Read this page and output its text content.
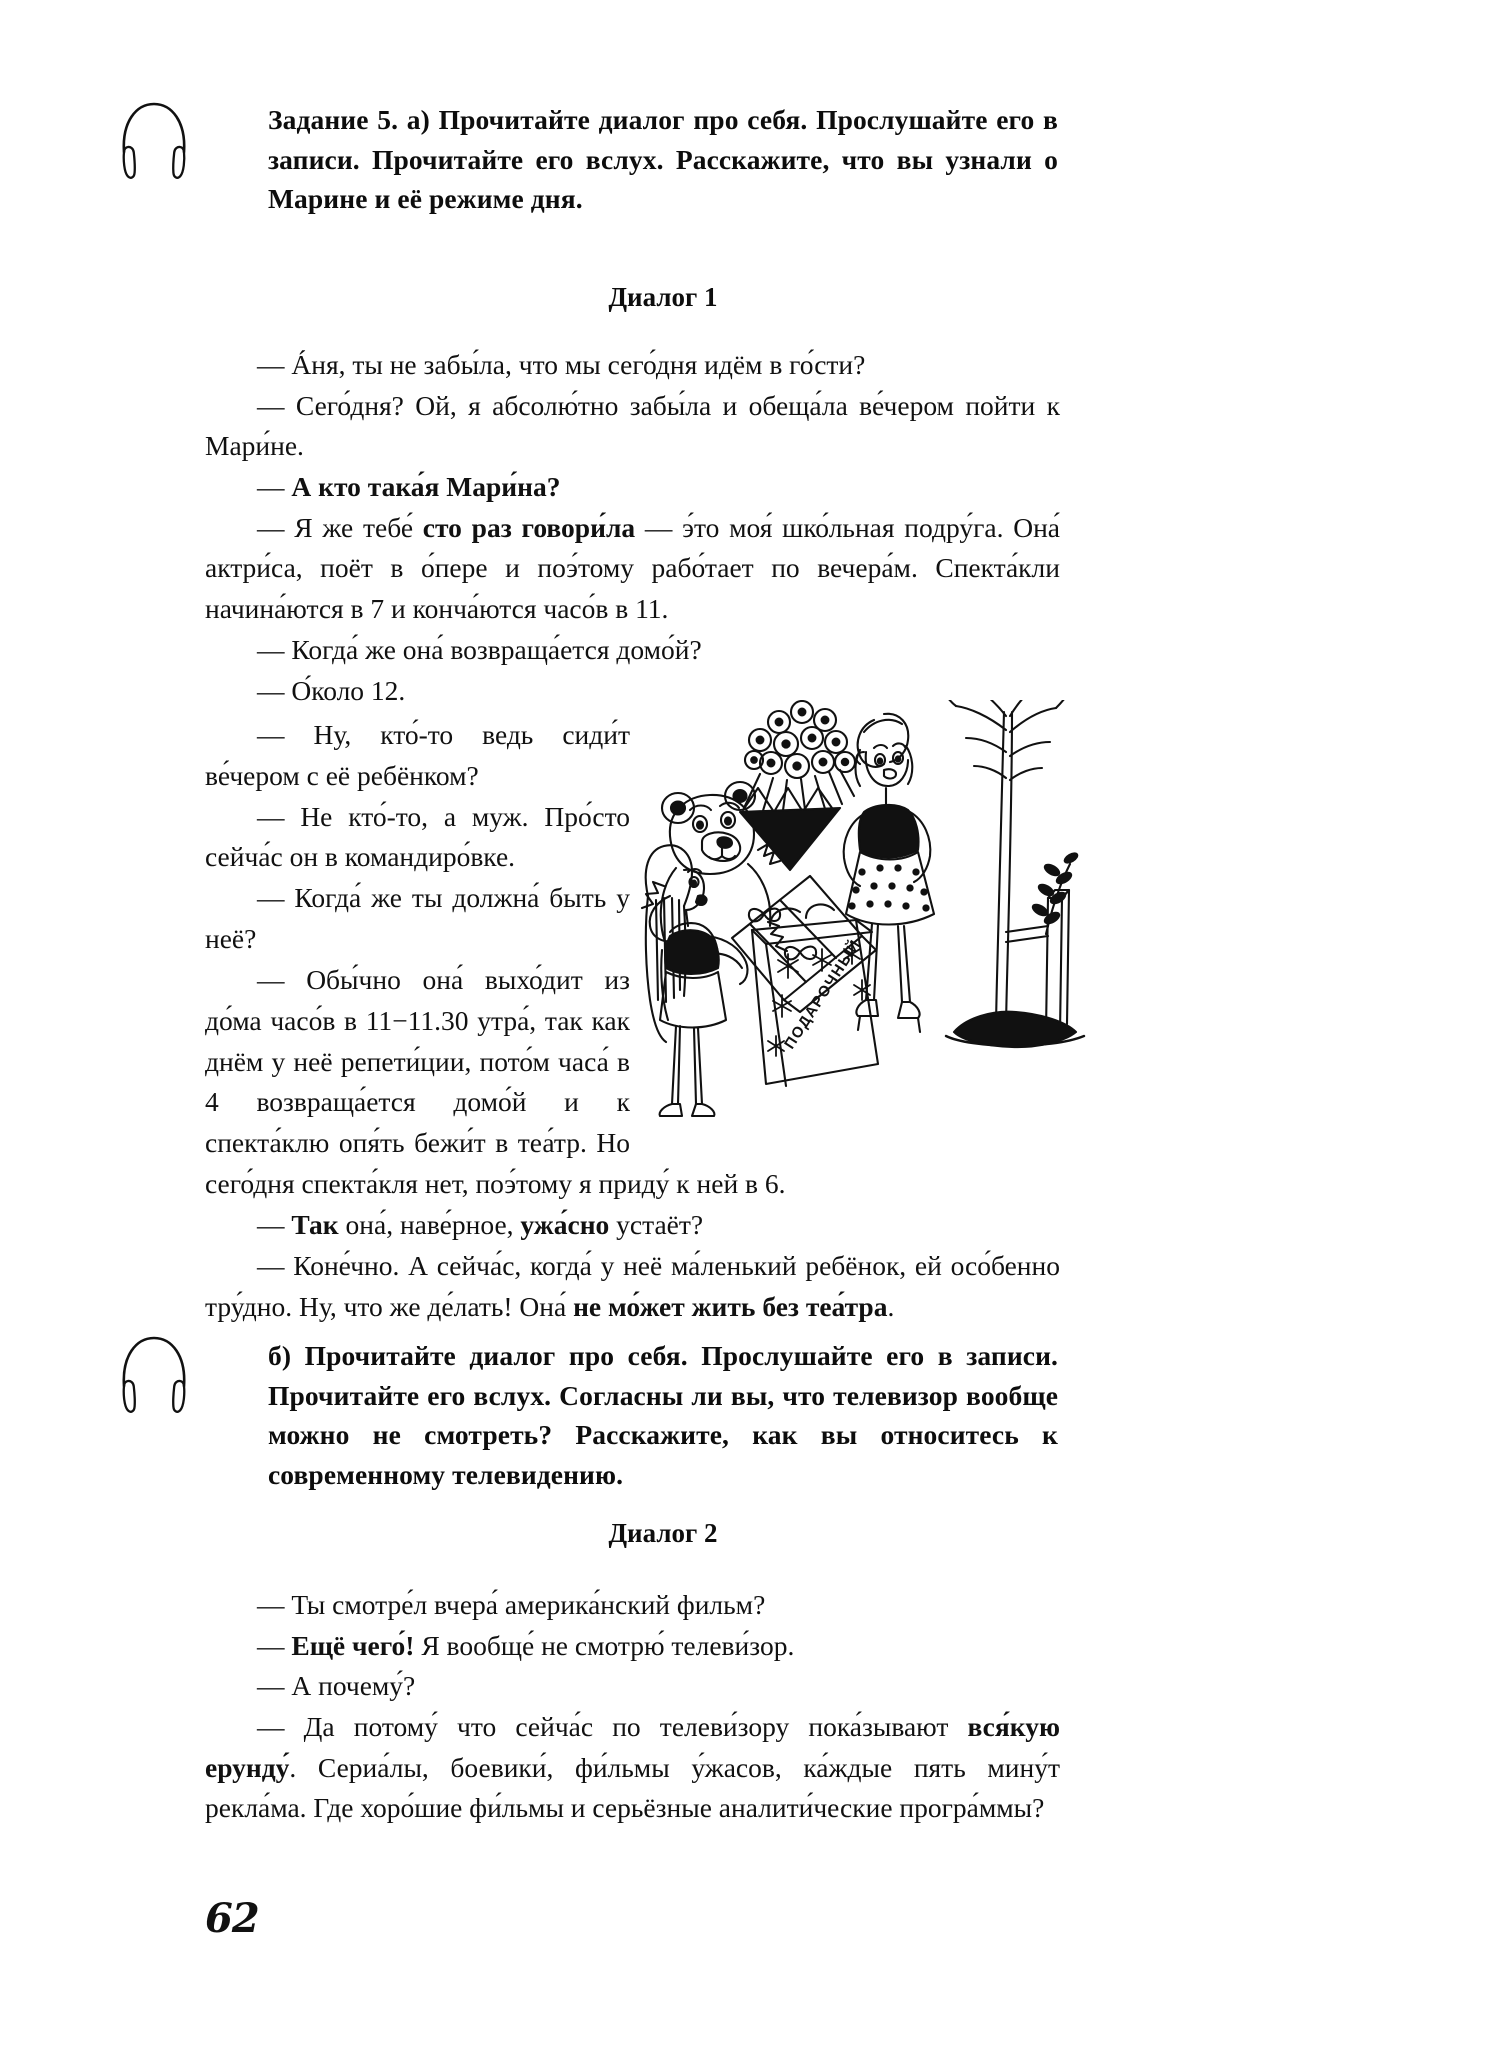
Задание 5. а) Прочитайте диалог про себя. Прослушайте его в записи. Прочитайте его вслух. Расскажите, что вы узнали о Марине и её режиме дня.
Диалог 1

— Áня, ты не забы́ла, что мы сего́дня идём в го́сти?

— Сего́дня? Ой, я абсолю́тно забы́ла и обеща́ла ве́чером пойти к Мари́не.

— А кто така́я Мари́на?

— Я же тебе́ сто раз говори́ла — э́то моя́ шко́льная подру́га. Она́ актри́са, поёт в о́пере и поэ́тому рабо́тает по вечера́м. Спекта́кли начина́ются в 7 и конча́ются часо́в в 11.

— Когда́ же она́ возвраща́ется домо́й?

— О́коло 12.

ПОДАРОЧНЫЙ

— Ну, кто́-то ведь сиди́т ве́чером с её ребёнком?

— Не кто́-то, а муж. Про́сто сейча́с он в командиро́вке.

— Когда́ же ты должна́ быть у неё?

— Обы́чно она́ выхо́дит из до́ма часо́в в 11−11.30 утра́, так как днём у неё репети́ции, пото́м часа́ в 4 возвраща́ется домо́й и к спекта́клю опя́ть бежи́т в теа́тр. Но сего́дня спекта́кля нет, поэ́тому я приду́ к ней в 6.

— Так она́, наве́рное, ужа́сно устаёт?

— Коне́чно. А сейча́с, когда́ у неё ма́ленький ребёнок, ей осо́бенно тру́дно. Ну, что же де́лать! Она́ не мо́жет жить без теа́тра.

б) Прочитайте диалог про себя. Прослушайте его в записи. Прочитайте его вслух. Согласны ли вы, что телевизор вообще можно не смотреть? Расскажите, как вы относитесь к современному телевидению.
Диалог 2

— Ты смотре́л вчера́ америка́нский фильм?

— Ещё чего́! Я вообще́ не смотрю́ телеви́зор.

— А почему́?

— Да потому́ что сейча́с по телеви́зору пока́зывают вся́кую ерунду́. Сериа́лы, боевики́, фи́льмы у́жасов, ка́ждые пять мину́т рекла́ма. Где хоро́шие фи́льмы и серьёзные аналити́ческие програ́ммы?

62
